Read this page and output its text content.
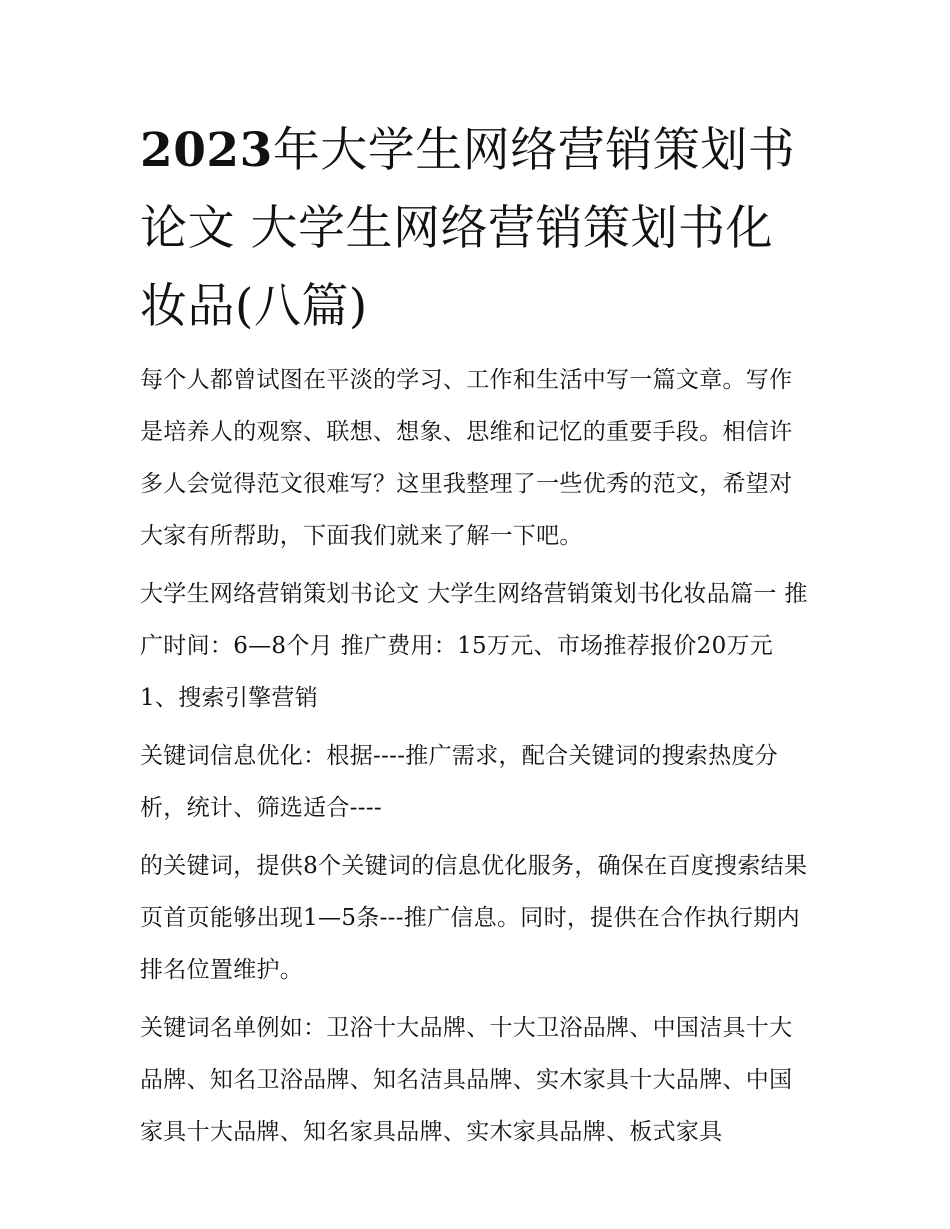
2023年大学生网络营销策划书论文 大学生网络营销策划书化妆品(八篇)

每个人都曾试图在平淡的学习、工作和生活中写一篇文章。写作是培养人的观察、联想、想象、思维和记忆的重要手段。相信许多人会觉得范文很难写？这里我整理了一些优秀的范文，希望对大家有所帮助，下面我们就来了解一下吧。

大学生网络营销策划书论文 大学生网络营销策划书化妆品篇一 推广时间：6—8个月 推广费用：15万元、市场推荐报价20万元 1、搜索引擎营销

关键词信息优化：根据----推广需求，配合关键词的搜索热度分析，统计、筛选适合----

的关键词，提供8个关键词的信息优化服务，确保在百度搜索结果页首页能够出现1—5条---推广信息。同时，提供在合作执行期内排名位置维护。

关键词名单例如：卫浴十大品牌、十大卫浴品牌、中国洁具十大品牌、知名卫浴品牌、知名洁具品牌、实木家具十大品牌、中国家具十大品牌、知名家具品牌、实木家具品牌、板式家具
